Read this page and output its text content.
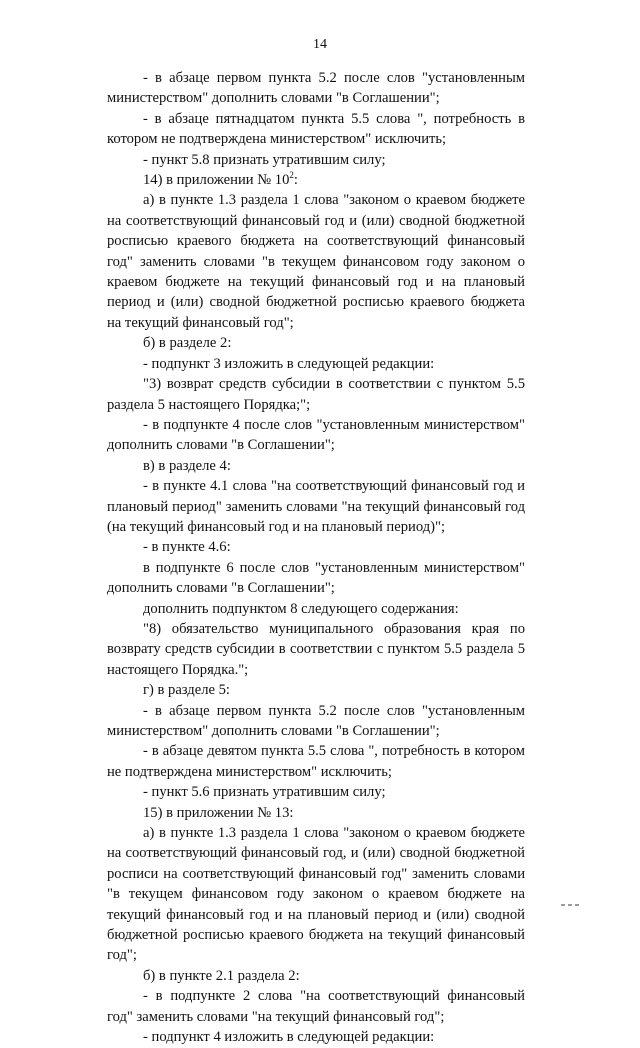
14

- в абзаце первом пункта 5.2 после слов "установленным министерством" дополнить словами "в Соглашении";

- в абзаце пятнадцатом пункта 5.5 слова ", потребность в котором не подтверждена министерством" исключить;

- пункт 5.8 признать утратившим силу;

14) в приложении № $10^2$:

a) в пункте 1.3 раздела 1 слова "законом о краевом бюджете на соответствующий финансовый год и (или) сводной бюджетной росписью краевого бюджета на соответствующий финансовый год" заменить словами "в текущем финансовом году законом о краевом бюджете на текущий финансовый год и на плановый период и (или) сводной бюджетной росписью краевого бюджета на текущий финансовый год";

б) в разделе 2:

- подпункт 3 изложить в следующей редакции:

"3) возврат средств субсидии в соответствии с пунктом 5.5 раздела 5 настоящего Порядка;";

- в подпункте 4 после слов "установленным министерством" дополнить словами "в Соглашении";

в) в разделе 4:

- в пункте 4.1 слова "на соответствующий финансовый год и плановый период" заменить словами "на текущий финансовый год (на текущий финансовый год и на плановый период)";

- в пункте 4.6:

в подпункте 6 после слов "установленным министерством" дополнить словами "в Соглашении";

дополнить подпунктом 8 следующего содержания:

"8) обязательство муниципального образования края по возврату средств субсидии в соответствии с пунктом 5.5 раздела 5 настоящего Порядка.";

г) в разделе 5:

- в абзаце первом пункта 5.2 после слов "установленным министерством" дополнить словами "в Соглашении";

- в абзаце девятом пункта 5.5 слова ", потребность в котором не подтверждена министерством" исключить;

- пункт 5.6 признать утратившим силу;

15) в приложении № 13:

а) в пункте 1.3 раздела 1 слова "законом о краевом бюджете на соответствующий финансовый год, и (или) сводной бюджетной росписи на соответствующий финансовый год" заменить словами "в текущем финансовом году законом о краевом бюджете на текущий финансовый год и на плановый период и (или) сводной бюджетной росписью краевого бюджета на текущий финансовый год";

б) в пункте 2.1 раздела 2:

- в подпункте 2 слова "на соответствующий финансовый год" заменить словами "на текущий финансовый год";

- подпункт 4 изложить в следующей редакции:
